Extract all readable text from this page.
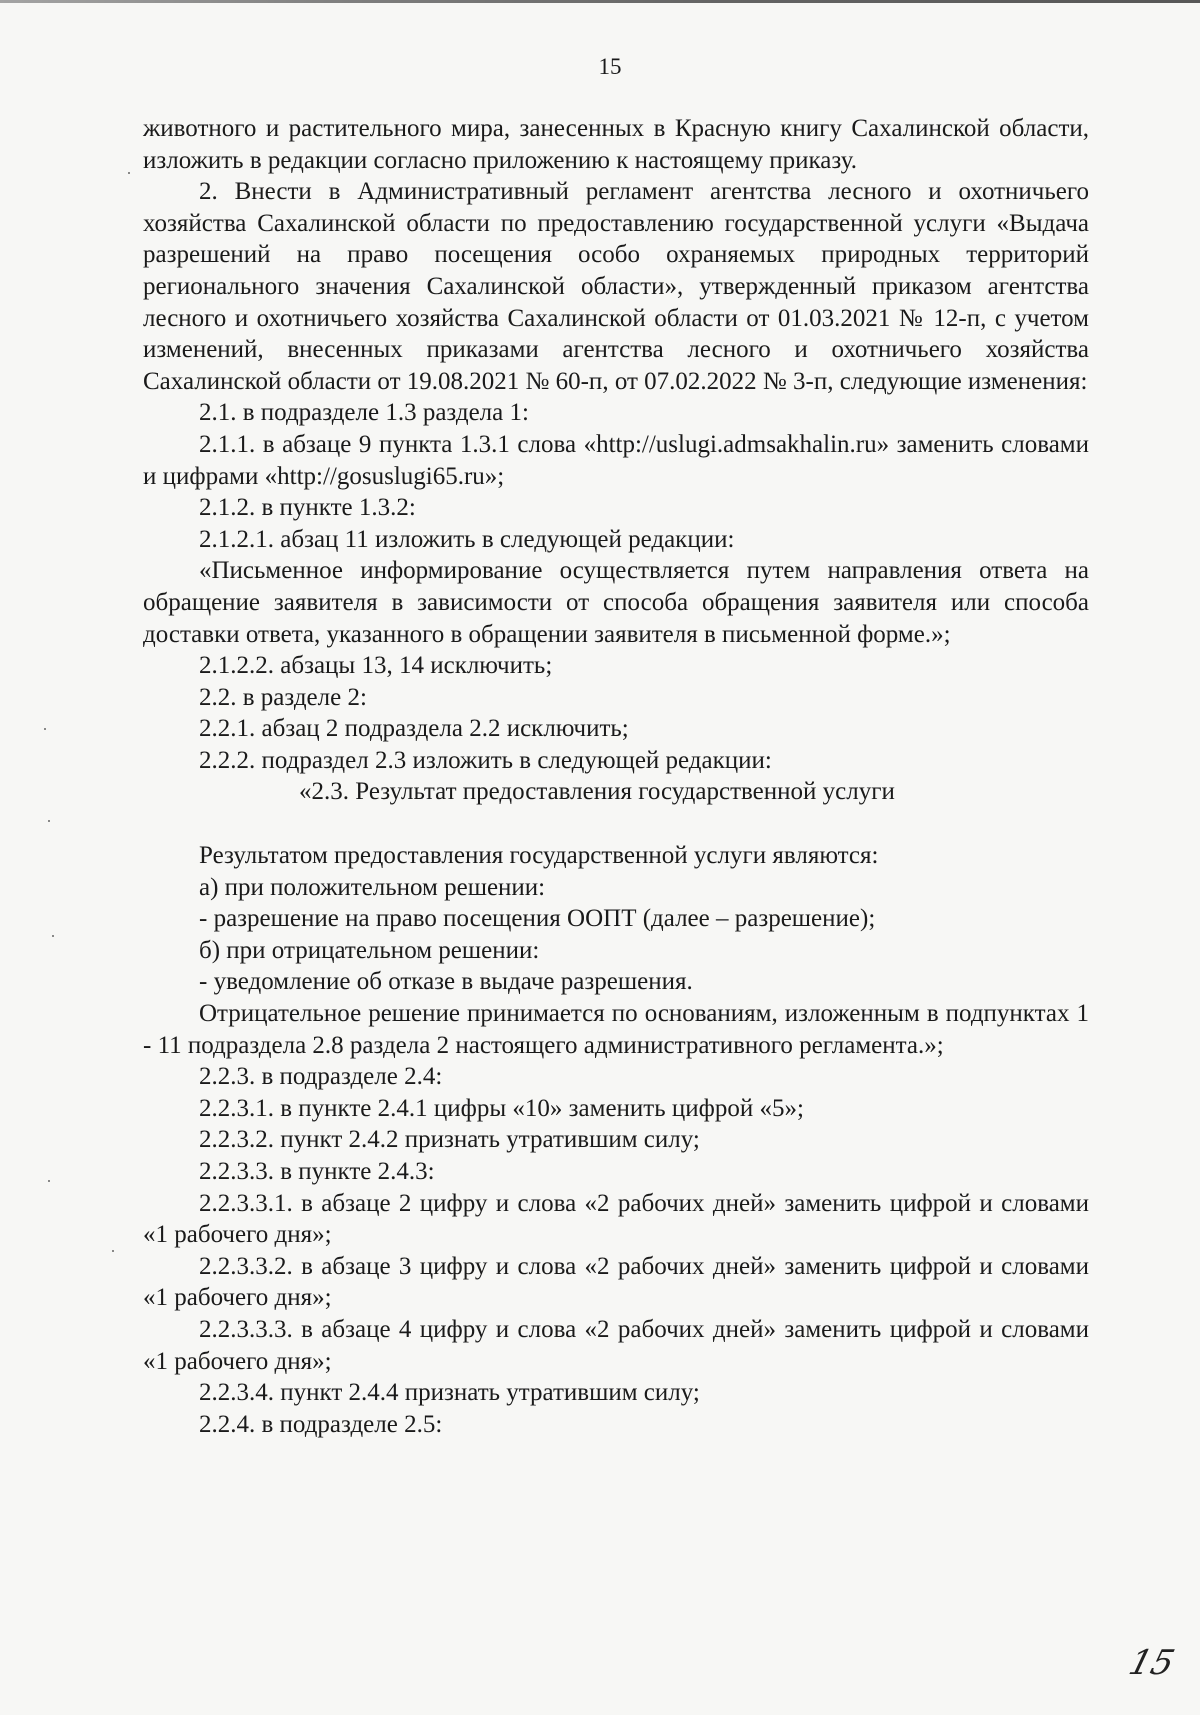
15

животного и растительного мира, занесенных в Красную книгу Сахалинской области, изложить в редакции согласно приложению к настоящему приказу.

2. Внести в Административный регламент агентства лесного и охотничьего хозяйства Сахалинской области по предоставлению государственной услуги «Выдача разрешений на право посещения особо охраняемых природных территорий регионального значения Сахалинской области», утвержденный приказом агентства лесного и охотничьего хозяйства Сахалинской области от 01.03.2021 № 12-п, с учетом изменений, внесенных приказами агентства лесного и охотничьего хозяйства Сахалинской области от 19.08.2021 № 60-п, от 07.02.2022 № 3-п, следующие изменения:

2.1. в подразделе 1.3 раздела 1:

2.1.1. в абзаце 9 пункта 1.3.1 слова «http://uslugi.admsakhalin.ru» заменить словами и цифрами «http://gosuslugi65.ru»;

2.1.2. в пункте 1.3.2:

2.1.2.1. абзац 11 изложить в следующей редакции:

«Письменное информирование осуществляется путем направления ответа на обращение заявителя в зависимости от способа обращения заявителя или способа доставки ответа, указанного в обращении заявителя в письменной форме.»;

2.1.2.2. абзацы 13, 14 исключить;

2.2. в разделе 2:

2.2.1. абзац 2 подраздела 2.2 исключить;

2.2.2. подраздел 2.3 изложить в следующей редакции:

«2.3. Результат предоставления государственной услуги

Результатом предоставления государственной услуги являются:

а) при положительном решении:

- разрешение на право посещения ООПТ (далее – разрешение);

б) при отрицательном решении:

- уведомление об отказе в выдаче разрешения.

Отрицательное решение принимается по основаниям, изложенным в подпунктах 1 - 11 подраздела 2.8 раздела 2 настоящего административного регламента.»;

2.2.3. в подразделе 2.4:

2.2.3.1. в пункте 2.4.1 цифры «10» заменить цифрой «5»;

2.2.3.2. пункт 2.4.2 признать утратившим силу;

2.2.3.3. в пункте 2.4.3:

2.2.3.3.1. в абзаце 2 цифру и слова «2 рабочих дней» заменить цифрой и словами «1 рабочего дня»;

2.2.3.3.2. в абзаце 3 цифру и слова «2 рабочих дней» заменить цифрой и словами «1 рабочего дня»;

2.2.3.3.3. в абзаце 4 цифру и слова «2 рабочих дней» заменить цифрой и словами «1 рабочего дня»;

2.2.3.4. пункт 2.4.4 признать утратившим силу;

2.2.4. в подразделе 2.5:

15
